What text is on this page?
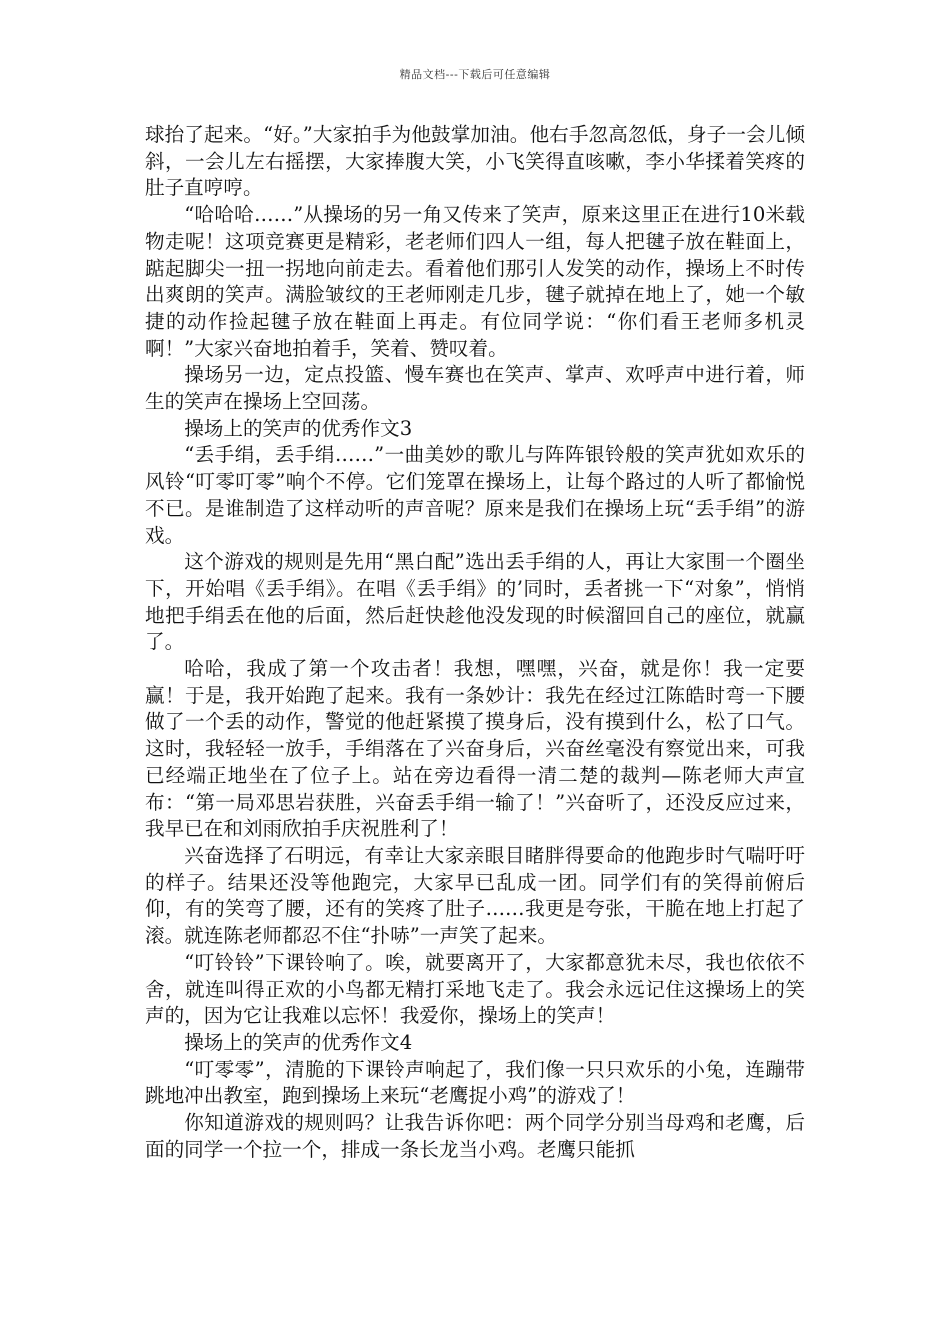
精品文档---下载后可任意编辑

球抬了起来。“好。”大家拍手为他鼓掌加油。他右手忽高忽低，身子一会儿倾斜，一会儿左右摇摆，大家捧腹大笑，小飞笑得直咳嗽，李小华揉着笑疼的肚子直哼哼。

“哈哈哈……”从操场的另一角又传来了笑声，原来这里正在进行10米载物走呢！这项竞赛更是精彩，老老师们四人一组，每人把毽子放在鞋面上，踮起脚尖一扭一拐地向前走去。看着他们那引人发笑的动作，操场上不时传出爽朗的笑声。满脸皱纹的王老师刚走几步，毽子就掉在地上了，她一个敏捷的动作捡起毽子放在鞋面上再走。有位同学说：“你们看王老师多机灵啊！”大家兴奋地拍着手，笑着、赞叹着。

操场另一边，定点投篮、慢车赛也在笑声、掌声、欢呼声中进行着，师生的笑声在操场上空回荡。

操场上的笑声的优秀作文3

“丢手绢，丢手绢……”一曲美妙的歌儿与阵阵银铃般的笑声犹如欢乐的风铃“叮零叮零”响个不停。它们笼罩在操场上，让每个路过的人听了都愉悦不已。是谁制造了这样动听的声音呢？原来是我们在操场上玩“丢手绢”的游戏。

这个游戏的规则是先用“黑白配”选出丢手绢的人，再让大家围一个圈坐下，开始唱《丢手绢》。在唱《丢手绢》的’同时，丢者挑一下“对象”，悄悄地把手绢丢在他的后面，然后赶快趁他没发现的时候溜回自己的座位，就赢了。

哈哈，我成了第一个攻击者！我想，嘿嘿，兴奋，就是你！我一定要赢！于是，我开始跑了起来。我有一条妙计：我先在经过江陈皓时弯一下腰做了一个丢的动作，警觉的他赶紧摸了摸身后，没有摸到什么，松了口气。这时，我轻轻一放手，手绢落在了兴奋身后，兴奋丝毫没有察觉出来，可我已经端正地坐在了位子上。站在旁边看得一清二楚的裁判—陈老师大声宣布：“第一局邓思岩获胜，兴奋丢手绢一输了！”兴奋听了，还没反应过来，我早已在和刘雨欣拍手庆祝胜利了！

兴奋选择了石明远，有幸让大家亲眼目睹胖得要命的他跑步时气喘吁吁的样子。结果还没等他跑完，大家早已乱成一团。同学们有的笑得前俯后仰，有的笑弯了腰，还有的笑疼了肚子……我更是夸张，干脆在地上打起了滚。就连陈老师都忍不住“扑哧”一声笑了起来。

“叮铃铃”下课铃响了。唉，就要离开了，大家都意犹未尽，我也依依不舍，就连叫得正欢的小鸟都无精打采地飞走了。我会永远记住这操场上的笑声的，因为它让我难以忘怀！我爱你，操场上的笑声！

操场上的笑声的优秀作文4

“叮零零”，清脆的下课铃声响起了，我们像一只只欢乐的小兔，连蹦带跳地冲出教室，跑到操场上来玩“老鹰捉小鸡”的游戏了！

你知道游戏的规则吗？让我告诉你吧：两个同学分别当母鸡和老鹰，后面的同学一个拉一个，排成一条长龙当小鸡。老鹰只能抓
